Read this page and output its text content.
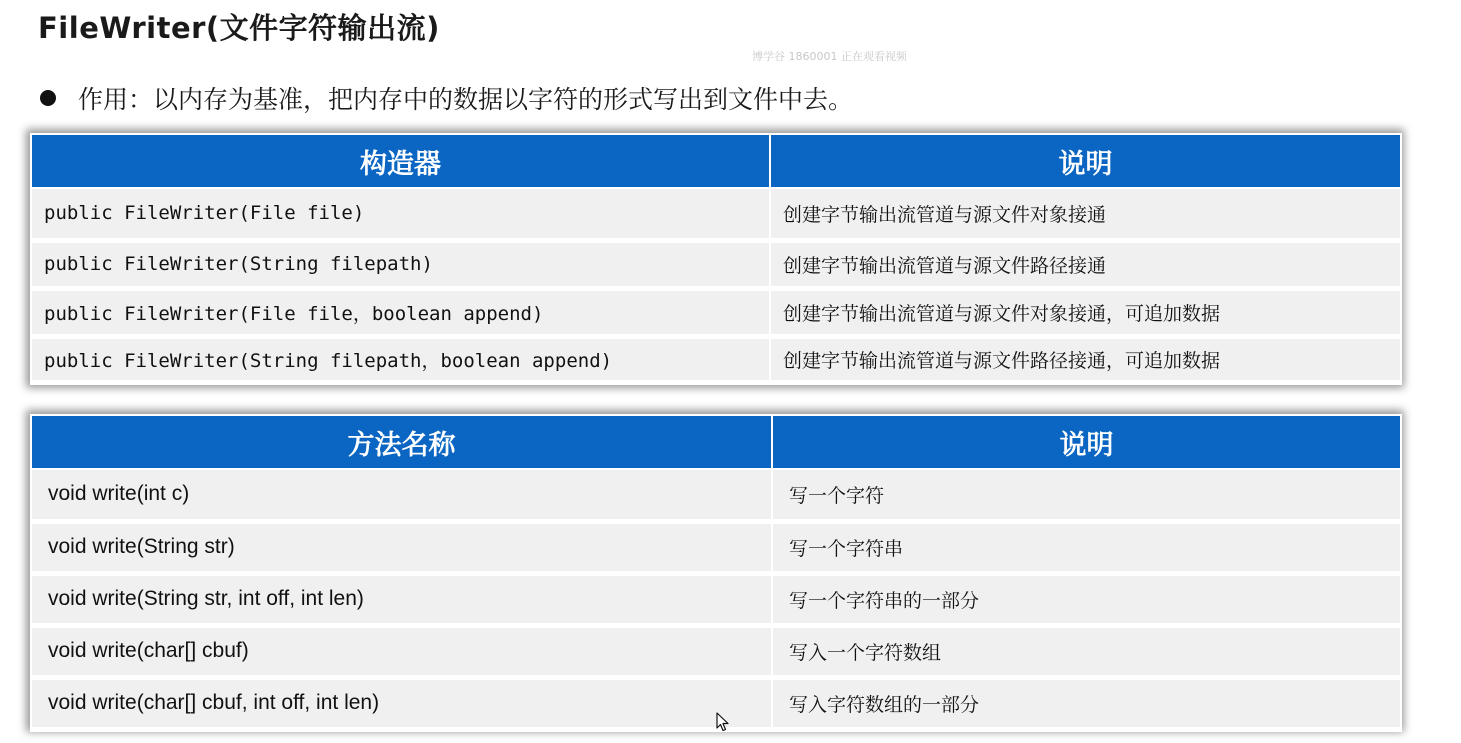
FileWriter(文件字符输出流)
博学谷 1860001 正在观看视频
作用：以内存为基准，把内存中的数据以字符的形式写出到文件中去。
构造器	说明
public FileWriter(File file)	创建字节输出流管道与源文件对象接通
public FileWriter(String filepath)	创建字节输出流管道与源文件路径接通
public FileWriter(File file，boolean append)	创建字节输出流管道与源文件对象接通，可追加数据
public FileWriter(String filepath，boolean append)	创建字节输出流管道与源文件路径接通，可追加数据
方法名称	说明
void write(int c)	写一个字符
void write(String str)	写一个字符串
void write(String str, int off, int len)	写一个字符串的一部分
void write(char[] cbuf)	写入一个字符数组
void write(char[] cbuf, int off, int len)	写入字符数组的一部分
